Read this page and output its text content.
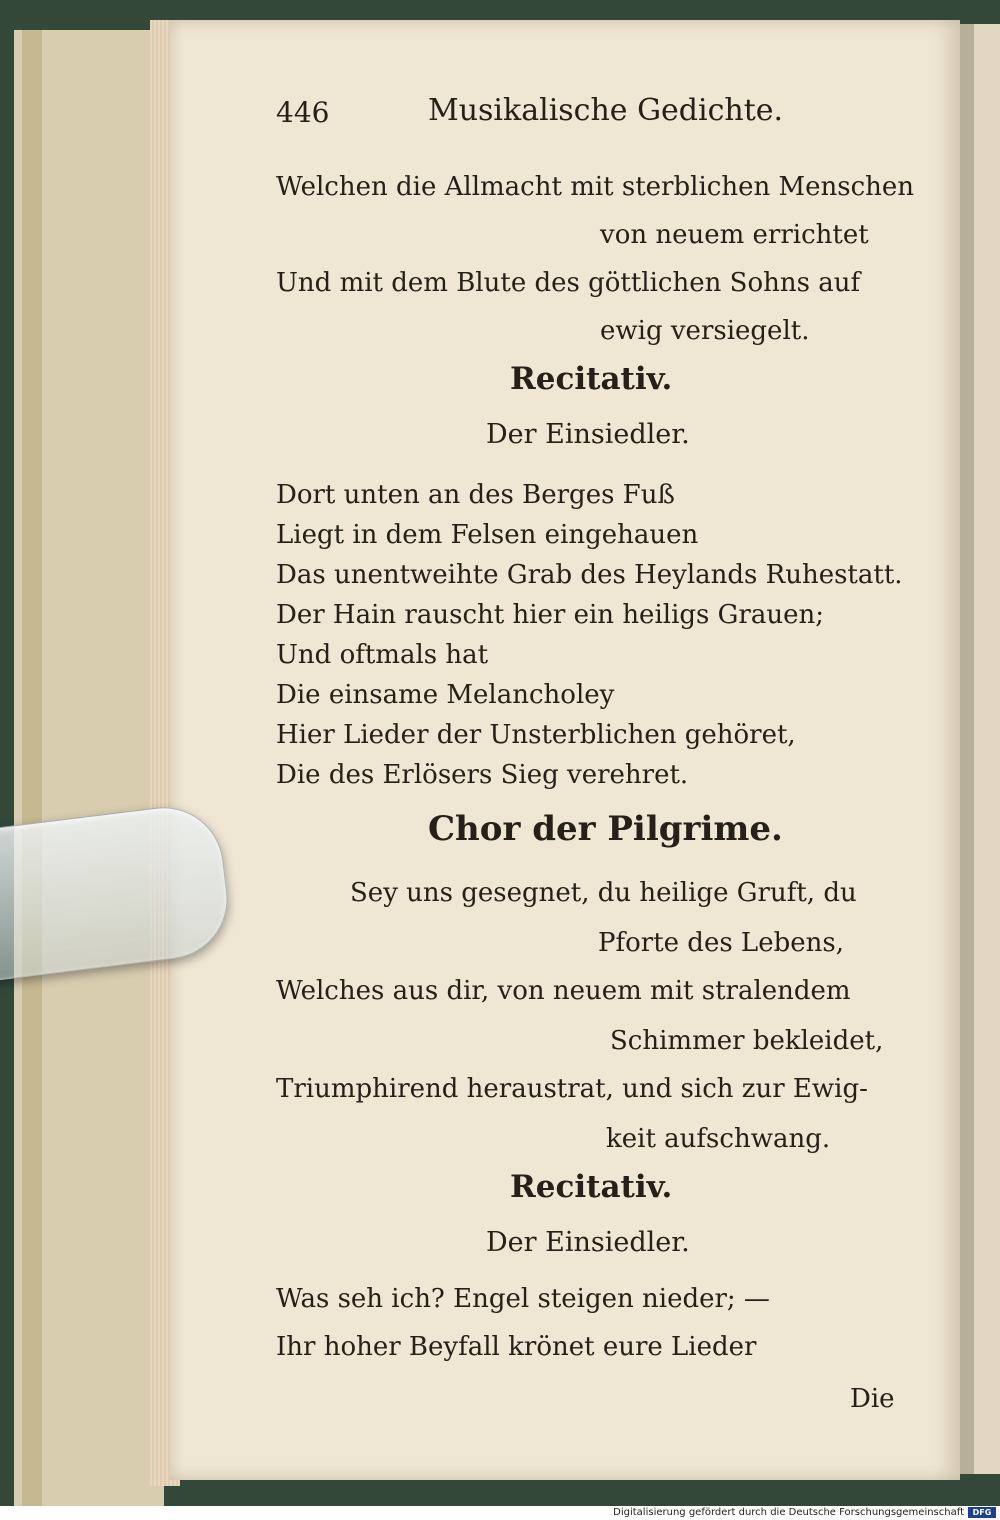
446	Musikalische Gedichte.
Welchen die Allmacht mit sterblichen Menschen
von neuem errichtet
Und mit dem Blute des göttlichen Sohns auf
ewig versiegelt.
Recitativ.
Der Einsiedler.
Dort unten an des Berges Fuß
Liegt in dem Felsen eingehauen
Das unentweihte Grab des Heylands Ruhestatt.
Der Hain rauscht hier ein heiligs Grauen;
Und oftmals hat
Die einsame Melancholey
Hier Lieder der Unsterblichen gehöret,
Die des Erlösers Sieg verehret.
Chor der Pilgrime.
Sey uns gesegnet, du heilige Gruft, du
Pforte des Lebens,
Welches aus dir, von neuem mit stralendem
Schimmer bekleidet,
Triumphirend heraustrat, und sich zur Ewig-
keit aufschwang.
Recitativ.
Der Einsiedler.
Was seh ich? Engel steigen nieder; —
Ihr hoher Beyfall krönet eure Lieder
Die
Digitalisierung gefördert durch die Deutsche Forschungsgemeinschaft	DFG
